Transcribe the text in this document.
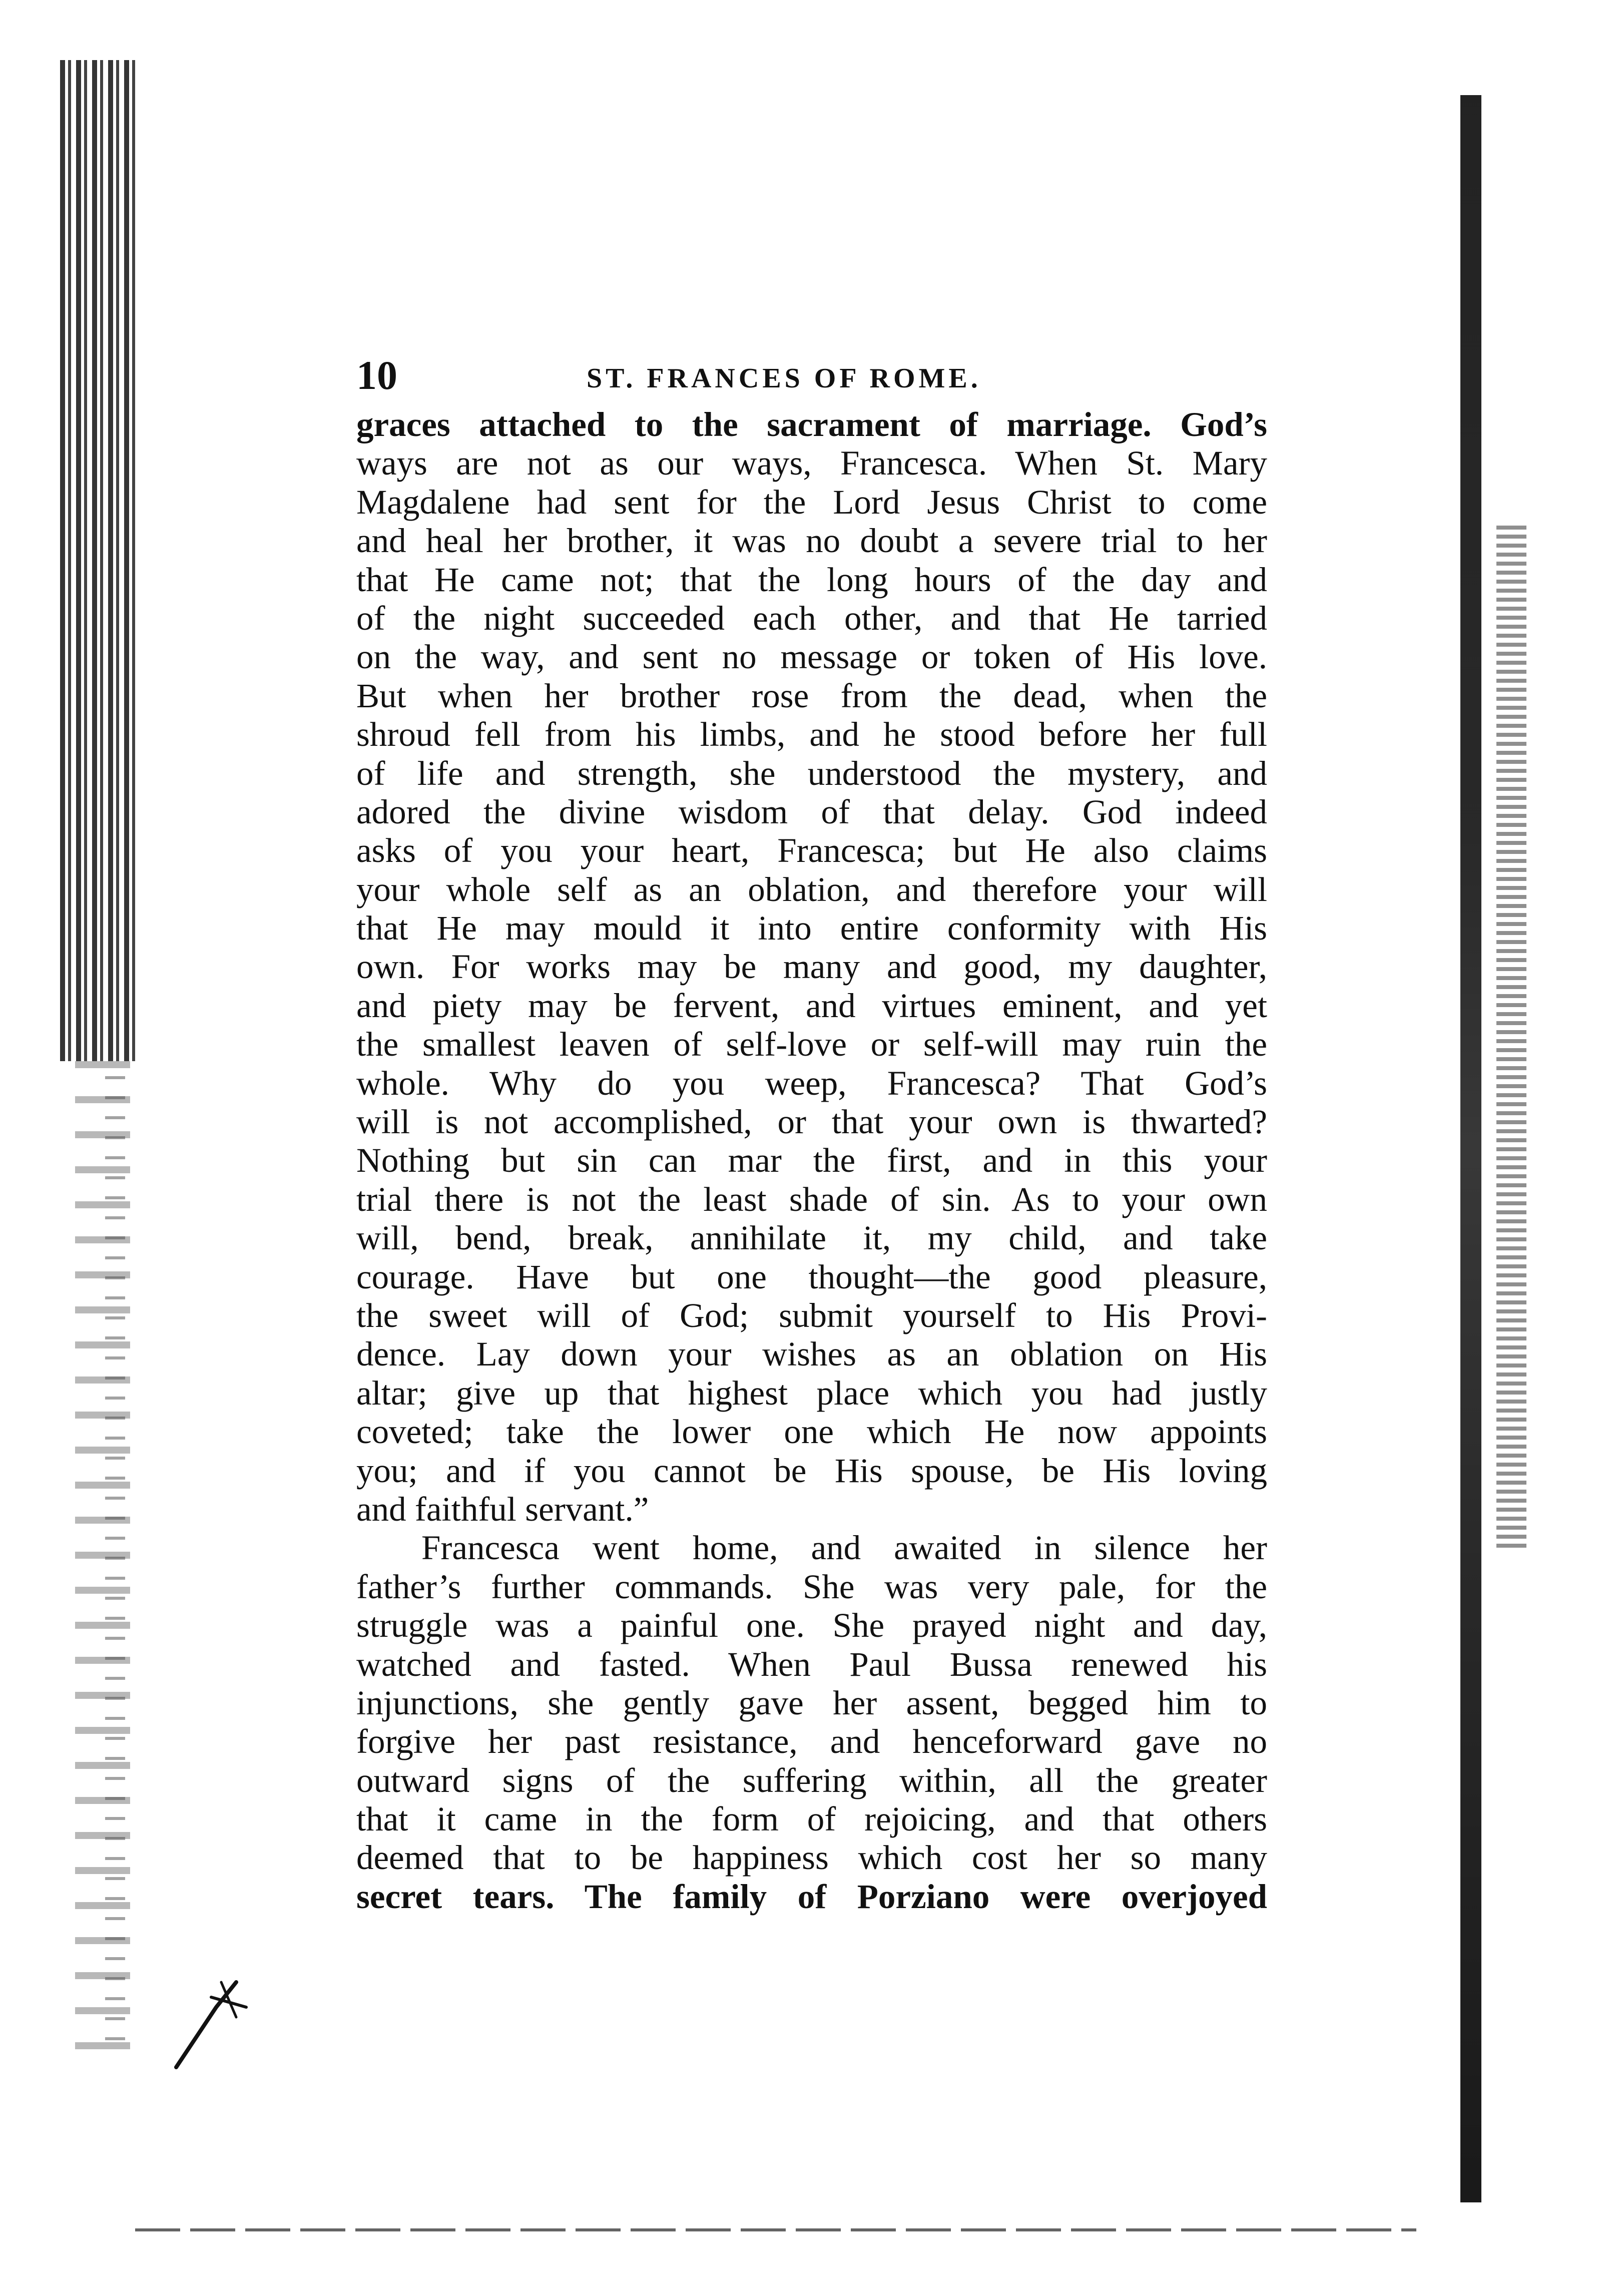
10	ST. FRANCES OF ROME.
graces attached to the sacrament of marriage. God’s
ways are not as our ways, Francesca. When St. Mary
Magdalene had sent for the Lord Jesus Christ to come
and heal her brother, it was no doubt a severe trial to her
that He came not; that the long hours of the day and
of the night succeeded each other, and that He tarried
on the way, and sent no message or token of His love.
But when her brother rose from the dead, when the
shroud fell from his limbs, and he stood before her full
of life and strength, she understood the mystery, and
adored the divine wisdom of that delay. God indeed
asks of you your heart, Francesca; but He also claims
your whole self as an oblation, and therefore your will
that He may mould it into entire conformity with His
own. For works may be many and good, my daughter,
and piety may be fervent, and virtues eminent, and yet
the smallest leaven of self-love or self-will may ruin the
whole. Why do you weep, Francesca? That God’s
will is not accomplished, or that your own is thwarted?
Nothing but sin can mar the first, and in this your
trial there is not the least shade of sin. As to your own
will, bend, break, annihilate it, my child, and take
courage. Have but one thought—the good pleasure,
the sweet will of God; submit yourself to His Provi-
dence. Lay down your wishes as an oblation on His
altar; give up that highest place which you had justly
coveted; take the lower one which He now appoints
you; and if you cannot be His spouse, be His loving
and faithful servant.”
Francesca went home, and awaited in silence her
father’s further commands. She was very pale, for the
struggle was a painful one. She prayed night and day,
watched and fasted. When Paul Bussa renewed his
injunctions, she gently gave her assent, begged him to
forgive her past resistance, and henceforward gave no
outward signs of the suffering within, all the greater
that it came in the form of rejoicing, and that others
deemed that to be happiness which cost her so many
secret tears. The family of Porziano were overjoyed
